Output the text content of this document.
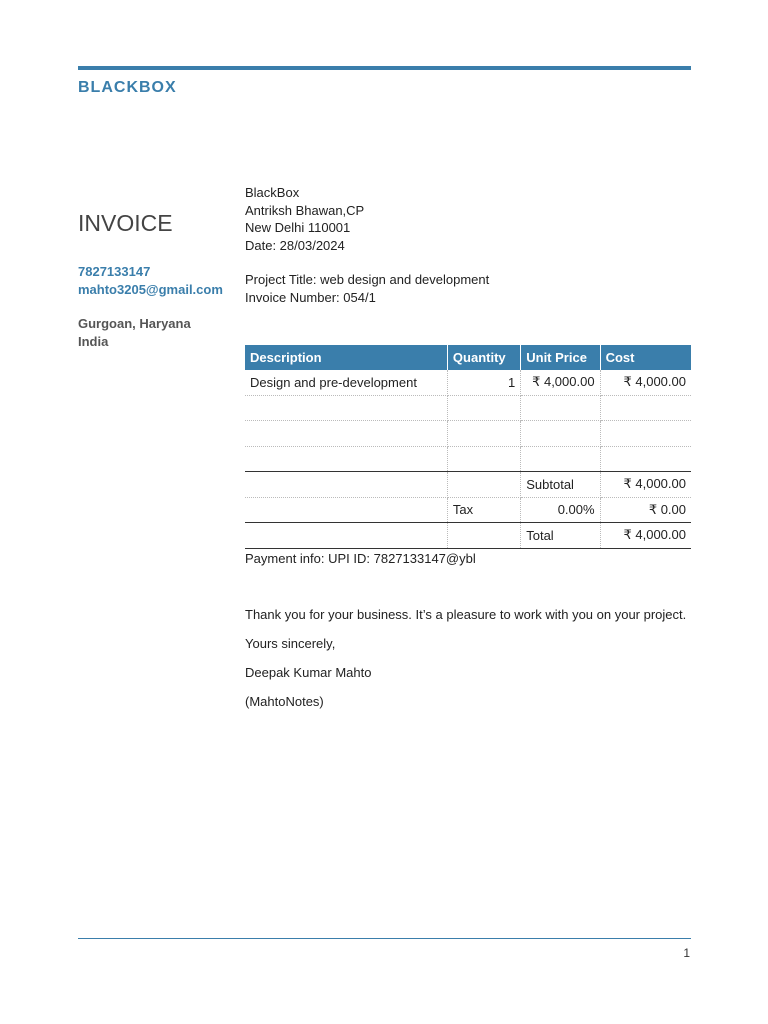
BLACKBOX
INVOICE
7827133147
mahto3205@gmail.com
Gurgoan, Haryana
India
BlackBox
Antriksh Bhawan,CP
New Delhi 110001
Date: 28/03/2024
Project Title: web design and development
Invoice Number: 054/1
Description	Quantity	Unit Price	Cost
Design and pre-development	1	₹ 4,000.00	₹ 4,000.00

		Subtotal	₹ 4,000.00
	Tax	0.00%	₹ 0.00
		Total	₹ 4,000.00
Payment info: UPI ID: 7827133147@ybl

Thank you for your business. It’s a pleasure to work with you on your project.

Yours sincerely,

Deepak Kumar Mahto

(MahtoNotes)

1
